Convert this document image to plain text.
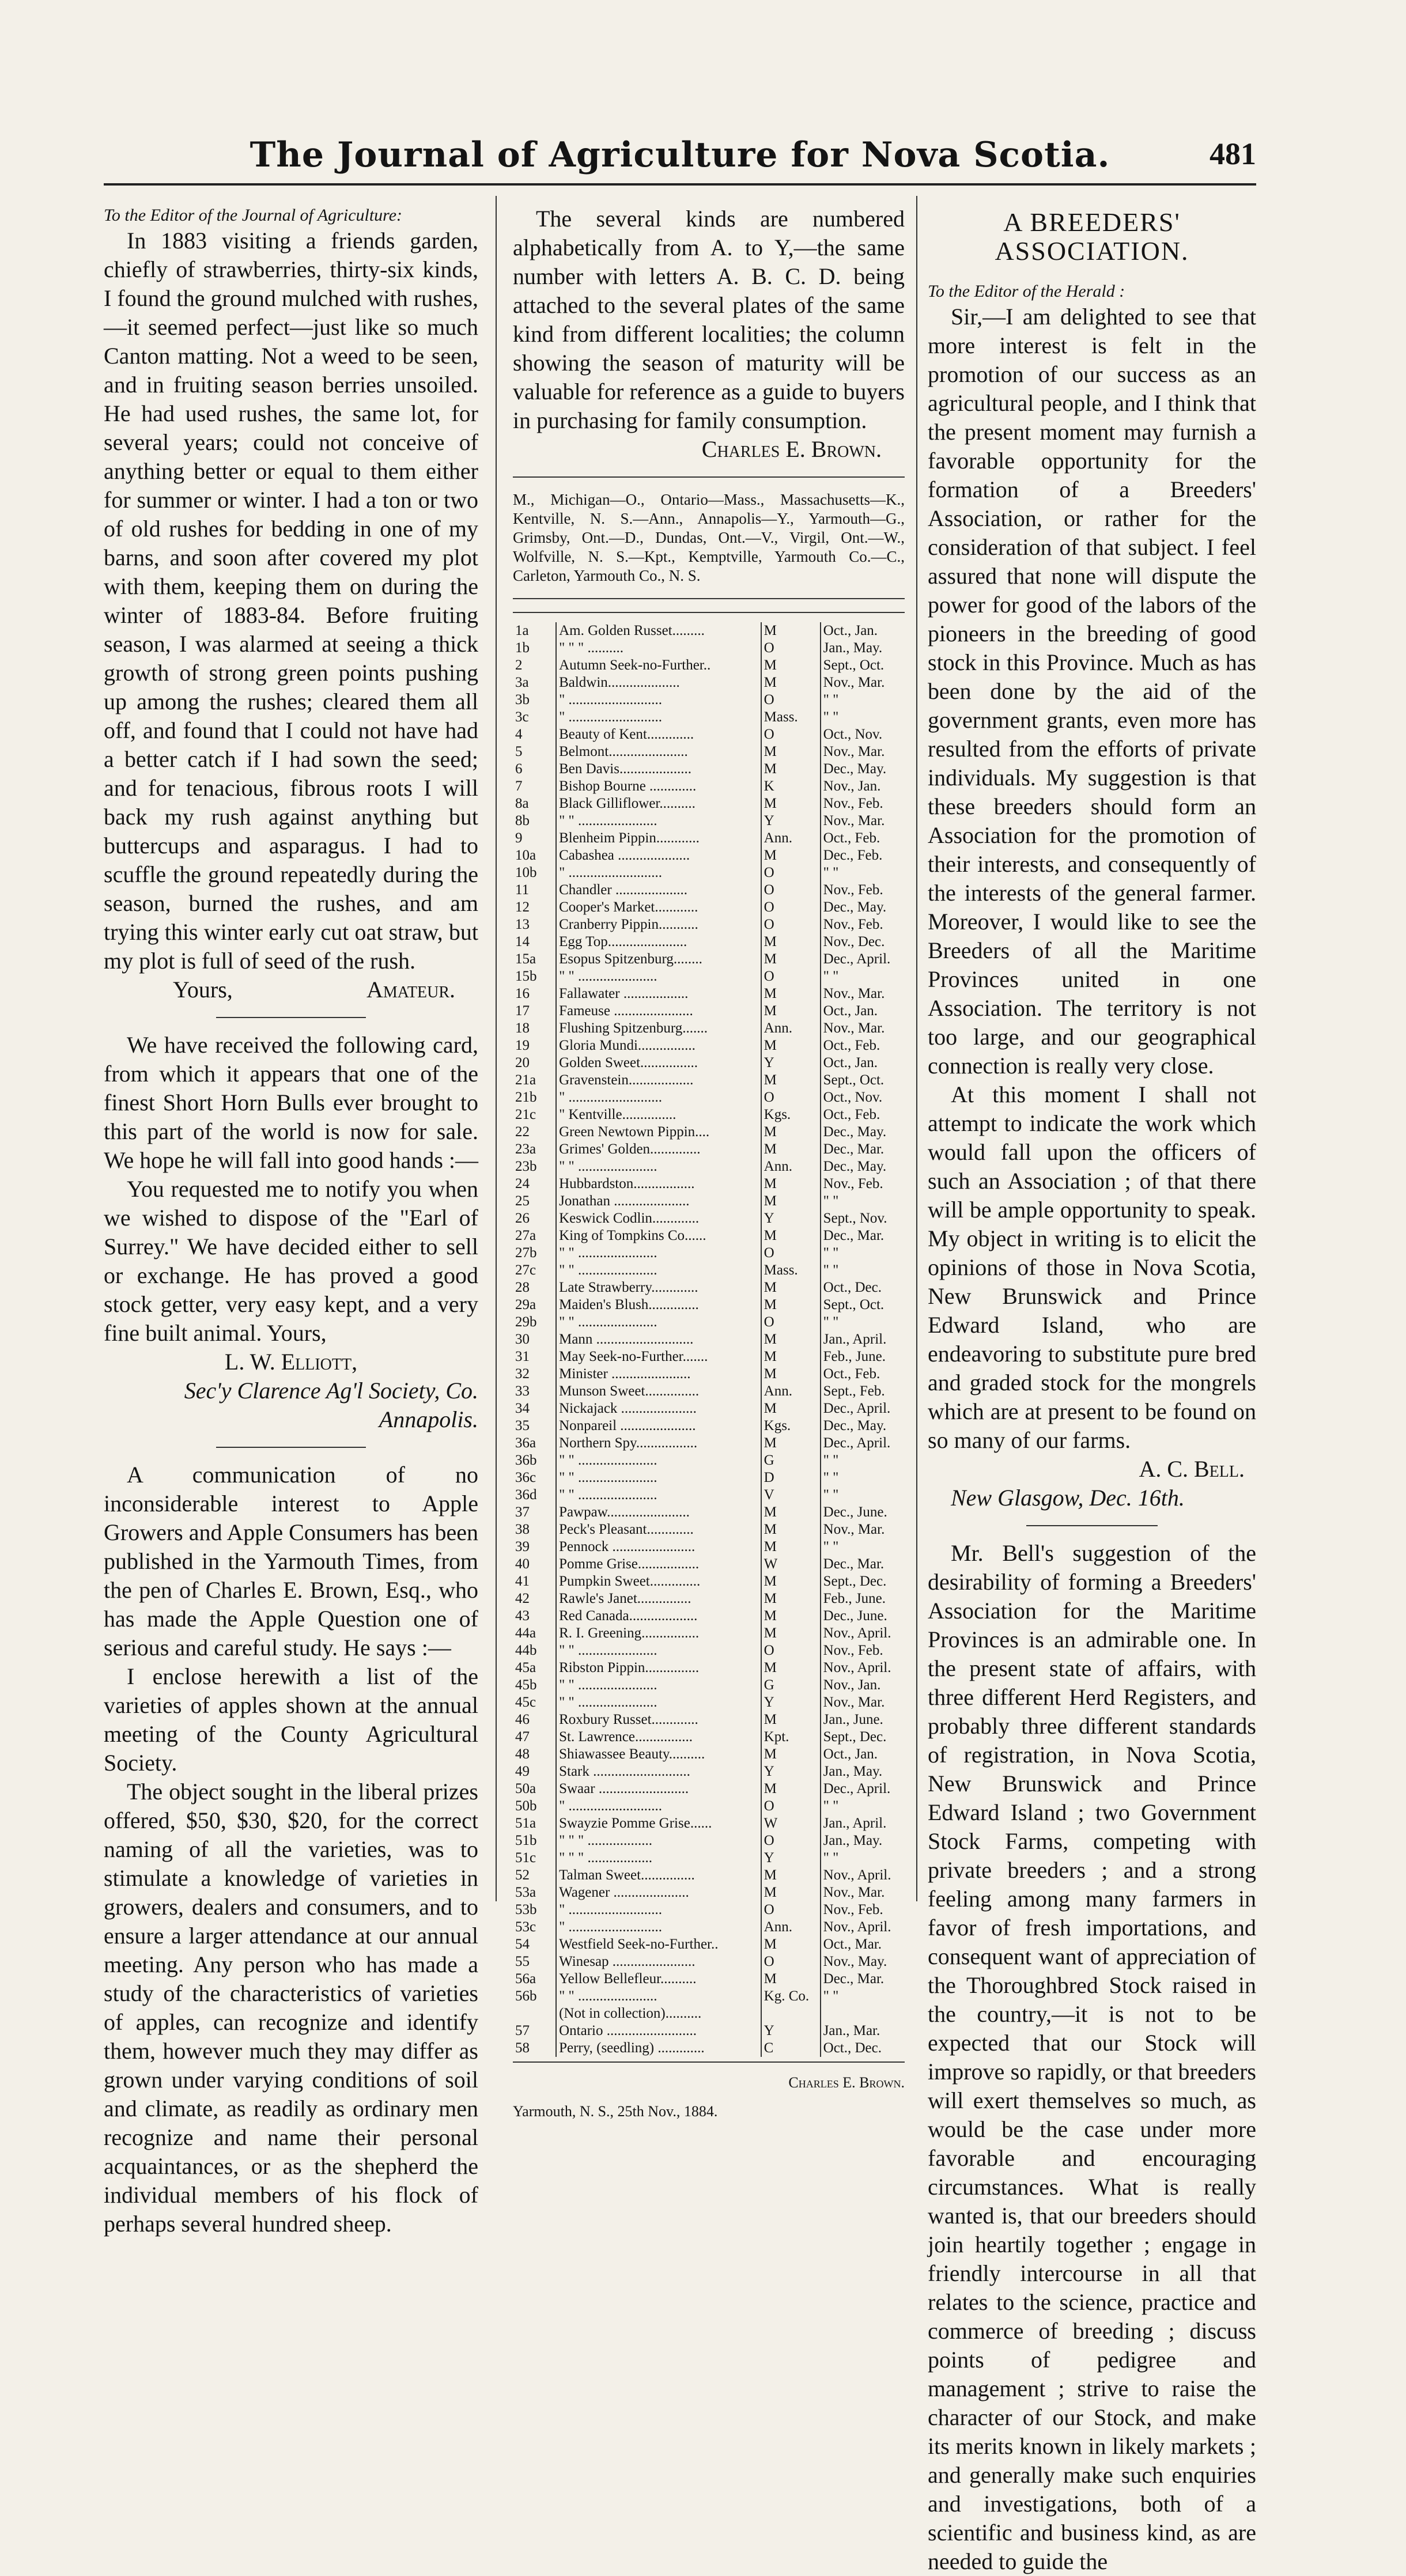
The Journal of Agriculture for Nova Scotia.	481

To the Editor of the Journal of Agriculture:

In 1883 visiting a friends garden, chiefly of strawberries, thirty-six kinds, I found the ground mulched with rushes, —it seemed perfect—just like so much Canton matting. Not a weed to be seen, and in fruiting season berries unsoiled. He had used rushes, the same lot, for several years; could not conceive of anything better or equal to them either for summer or winter. I had a ton or two of old rushes for bedding in one of my barns, and soon after covered my plot with them, keeping them on during the winter of 1883-84. Before fruiting season, I was alarmed at seeing a thick growth of strong green points pushing up among the rushes; cleared them all off, and found that I could not have had a better catch if I had sown the seed; and for tenacious, fibrous roots I will back my rush against anything but buttercups and asparagus. I had to scuffle the ground repeatedly during the season, burned the rushes, and am trying this winter early cut oat straw, but my plot is full of seed of the rush.

Yours,	Amateur.

We have received the following card, from which it appears that one of the finest Short Horn Bulls ever brought to this part of the world is now for sale. We hope he will fall into good hands :—

You requested me to notify you when we wished to dispose of the "Earl of Surrey." We have decided either to sell or exchange. He has proved a good stock getter, very easy kept, and a very fine built animal. Yours,

L. W. Elliott,

Sec'y Clarence Ag'l Society, Co. Annapolis.

A communication of no inconsiderable interest to Apple Growers and Apple Consumers has been published in the Yarmouth Times, from the pen of Charles E. Brown, Esq., who has made the Apple Question one of serious and careful study. He says :—

I enclose herewith a list of the varieties of apples shown at the annual meeting of the County Agricultural Society.

The object sought in the liberal prizes offered, $50, $30, $20, for the correct naming of all the varieties, was to stimulate a knowledge of varieties in growers, dealers and consumers, and to ensure a larger attendance at our annual meeting. Any person who has made a study of the characteristics of varieties of apples, can recognize and identify them, however much they may differ as grown under varying conditions of soil and climate, as readily as ordinary men recognize and name their personal acquaintances, or as the shepherd the individual members of his flock of perhaps several hundred sheep.

The several kinds are numbered alphabetically from A. to Y,—the same number with letters A. B. C. D. being attached to the several plates of the same kind from different localities; the column showing the season of maturity will be valuable for reference as a guide to buyers in purchasing for family consumption.

Charles E. Brown.

M., Michigan—O., Ontario—Mass., Massachusetts—K., Kentville, N. S.—Ann., Annapolis—Y., Yarmouth—G., Grimsby, Ont.—D., Dundas, Ont.—V., Virgil, Ont.—W., Wolfville, N. S.—Kpt., Kemptville, Yarmouth Co.—C., Carleton, Yarmouth Co., N. S.

1a	Am. Golden Russet.........	M	Oct., Jan.
1b	" " " ..........	O	Jan., May.
2	Autumn Seek-no-Further..	M	Sept., Oct.
3a	Baldwin....................	M	Nov., Mar.
3b	" ..........................	O	" "
3c	" ..........................	Mass.	" "
4	Beauty of Kent.............	O	Oct., Nov.
5	Belmont......................	M	Nov., Mar.
6	Ben Davis....................	M	Dec., May.
7	Bishop Bourne .............	K	Nov., Jan.
8a	Black Gilliflower..........	M	Nov., Feb.
8b	" " ......................	Y	Nov., Mar.
9	Blenheim Pippin............	Ann.	Oct., Feb.
10a	Cabashea ....................	M	Dec., Feb.
10b	" ..........................	O	" "
11	Chandler ....................	O	Nov., Feb.
12	Cooper's Market............	O	Dec., May.
13	Cranberry Pippin...........	O	Nov., Feb.
14	Egg Top......................	M	Nov., Dec.
15a	Esopus Spitzenburg........	M	Dec., April.
15b	" " ......................	O	" "
16	Fallawater ..................	M	Nov., Mar.
17	Fameuse ......................	M	Oct., Jan.
18	Flushing Spitzenburg.......	Ann.	Nov., Mar.
19	Gloria Mundi................	M	Oct., Feb.
20	Golden Sweet................	Y	Oct., Jan.
21a	Gravenstein..................	M	Sept., Oct.
21b	" ..........................	O	Oct., Nov.
21c	" Kentville...............	Kgs.	Oct., Feb.
22	Green Newtown Pippin....	M	Dec., May.
23a	Grimes' Golden..............	M	Dec., Mar.
23b	" " ......................	Ann.	Dec., May.
24	Hubbardston.................	M	Nov., Feb.
25	Jonathan .....................	M	" "
26	Keswick Codlin.............	Y	Sept., Nov.
27a	King of Tompkins Co......	M	Dec., Mar.
27b	" " ......................	O	" "
27c	" " ......................	Mass.	" "
28	Late Strawberry.............	M	Oct., Dec.
29a	Maiden's Blush..............	M	Sept., Oct.
29b	" " ......................	O	" "
30	Mann ...........................	M	Jan., April.
31	May Seek-no-Further.......	M	Feb., June.
32	Minister ......................	M	Oct., Feb.
33	Munson Sweet...............	Ann.	Sept., Feb.
34	Nickajack .....................	M	Dec., April.
35	Nonpareil .....................	Kgs.	Dec., May.
36a	Northern Spy.................	M	Dec., April.
36b	" " ......................	G	" "
36c	" " ......................	D	" "
36d	" " ......................	V	" "
37	Pawpaw.......................	M	Dec., June.
38	Peck's Pleasant.............	M	Nov., Mar.
39	Pennock .......................	M	" "
40	Pomme Grise.................	W	Dec., Mar.
41	Pumpkin Sweet..............	M	Sept., Dec.
42	Rawle's Janet...............	M	Feb., June.
43	Red Canada...................	M	Dec., June.
44a	R. I. Greening................	M	Nov., April.
44b	" " ......................	O	Nov., Feb.
45a	Ribston Pippin...............	M	Nov., April.
45b	" " ......................	G	Nov., Jan.
45c	" " ......................	Y	Nov., Mar.
46	Roxbury Russet.............	M	Jan., June.
47	St. Lawrence................	Kpt.	Sept., Dec.
48	Shiawassee Beauty..........	M	Oct., Jan.
49	Stark ...........................	Y	Jan., May.
50a	Swaar .........................	M	Dec., April.
50b	" ..........................	O	" "
51a	Swayzie Pomme Grise......	W	Jan., April.
51b	" " " ..................	O	Jan., May.
51c	" " " ..................	Y	" "
52	Talman Sweet...............	M	Nov., April.
53a	Wagener .....................	M	Nov., Mar.
53b	" ..........................	O	Nov., Feb.
53c	" ..........................	Ann.	Nov., April.
54	Westfield Seek-no-Further..	M	Oct., Mar.
55	Winesap .......................	O	Nov., May.
56a	Yellow Bellefleur..........	M	Dec., Mar.
56b	" " ......................	Kg. Co.	" "
	(Not in collection)..........		
57	Ontario .........................	Y	Jan., Mar.
58	Perry, (seedling) .............	C	Oct., Dec.

Charles E. Brown.

Yarmouth, N. S., 25th Nov., 1884.

A BREEDERS' ASSOCIATION.

To the Editor of the Herald :

Sir,—I am delighted to see that more interest is felt in the promotion of our success as an agricultural people, and I think that the present moment may furnish a favorable opportunity for the formation of a Breeders' Association, or rather for the consideration of that subject. I feel assured that none will dispute the power for good of the labors of the pioneers in the breeding of good stock in this Province. Much as has been done by the aid of the government grants, even more has resulted from the efforts of private individuals. My suggestion is that these breeders should form an Association for the promotion of their interests, and consequently of the interests of the general farmer. Moreover, I would like to see the Breeders of all the Maritime Provinces united in one Association. The territory is not too large, and our geographical connection is really very close.

At this moment I shall not attempt to indicate the work which would fall upon the officers of such an Association ; of that there will be ample opportunity to speak. My object in writing is to elicit the opinions of those in Nova Scotia, New Brunswick and Prince Edward Island, who are endeavoring to substitute pure bred and graded stock for the mongrels which are at present to be found on so many of our farms.

A. C. Bell.

New Glasgow, Dec. 16th.

Mr. Bell's suggestion of the desirability of forming a Breeders' Association for the Maritime Provinces is an admirable one. In the present state of affairs, with three different Herd Registers, and probably three different standards of registration, in Nova Scotia, New Brunswick and Prince Edward Island ; two Government Stock Farms, competing with private breeders ; and a strong feeling among many farmers in favor of fresh importations, and consequent want of appreciation of the Thoroughbred Stock raised in the country,—it is not to be expected that our Stock will improve so rapidly, or that breeders will exert themselves so much, as would be the case under more favorable and encouraging circumstances. What is really wanted is, that our breeders should join heartily together ; engage in friendly intercourse in all that relates to the science, practice and commerce of breeding ; discuss points of pedigree and management ; strive to raise the character of our Stock, and make its merits known in likely markets ; and generally make such enquiries and investigations, both of a scientific and business kind, as are needed to guide the
